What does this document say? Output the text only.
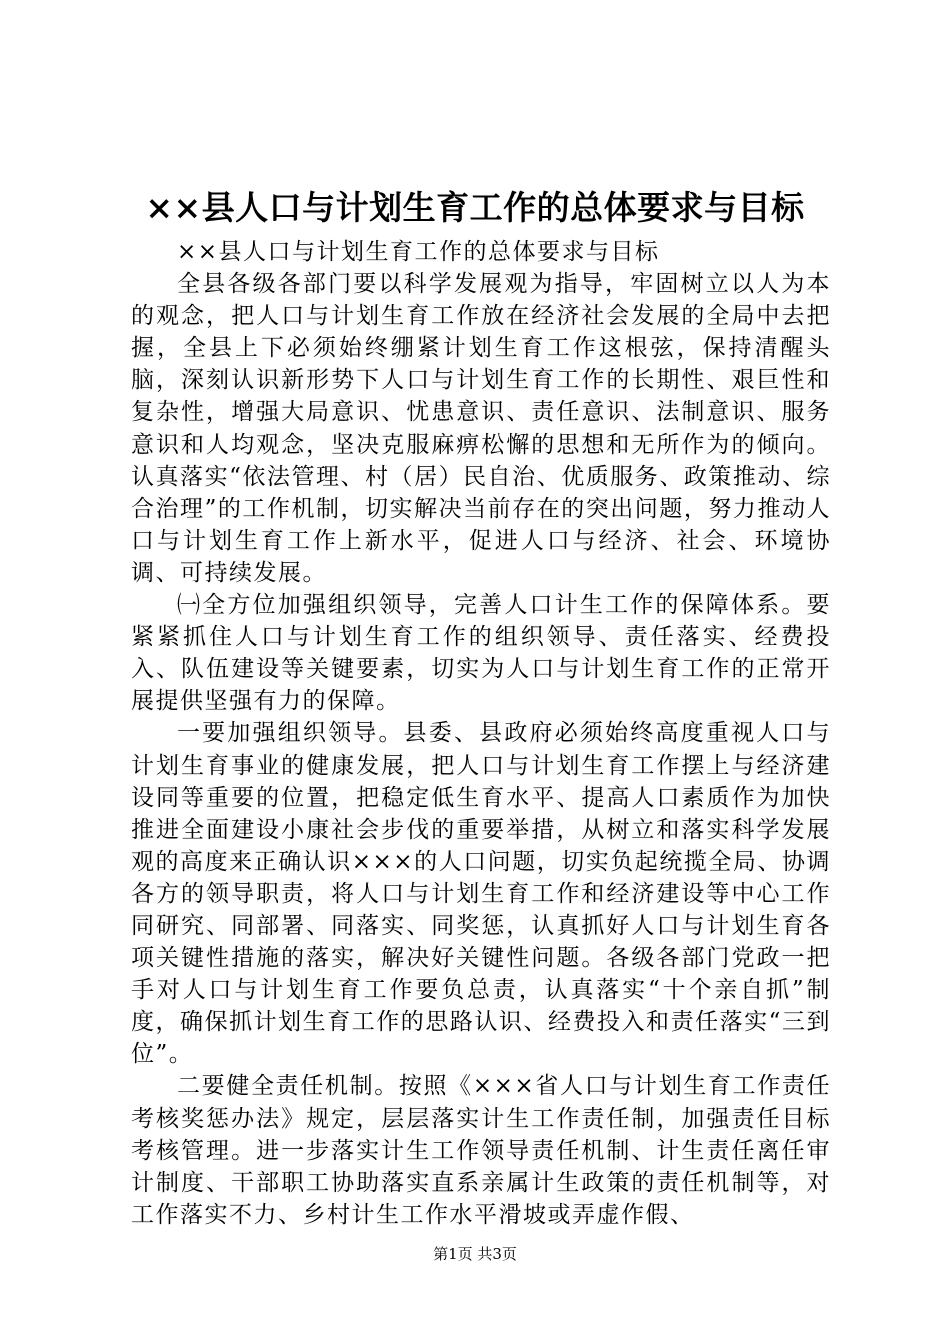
××县人口与计划生育工作的总体要求与目标

××县人口与计划生育工作的总体要求与目标

全县各级各部门要以科学发展观为指导，牢固树立以人为本的观念，把人口与计划生育工作放在经济社会发展的全局中去把握，全县上下必须始终绷紧计划生育工作这根弦，保持清醒头脑，深刻认识新形势下人口与计划生育工作的长期性、艰巨性和复杂性，增强大局意识、忧患意识、责任意识、法制意识、服务意识和人均观念，坚决克服麻痹松懈的思想和无所作为的倾向。认真落实“依法管理、村（居）民自治、优质服务、政策推动、综合治理”的工作机制，切实解决当前存在的突出问题，努力推动人口与计划生育工作上新水平，促进人口与经济、社会、环境协调、可持续发展。

㈠全方位加强组织领导，完善人口计生工作的保障体系。要紧紧抓住人口与计划生育工作的组织领导、责任落实、经费投入、队伍建设等关键要素，切实为人口与计划生育工作的正常开展提供坚强有力的保障。

一要加强组织领导。县委、县政府必须始终高度重视人口与计划生育事业的健康发展，把人口与计划生育工作摆上与经济建设同等重要的位置，把稳定低生育水平、提高人口素质作为加快推进全面建设小康社会步伐的重要举措，从树立和落实科学发展观的高度来正确认识×××的人口问题，切实负起统揽全局、协调各方的领导职责，将人口与计划生育工作和经济建设等中心工作同研究、同部署、同落实、同奖惩，认真抓好人口与计划生育各项关键性措施的落实，解决好关键性问题。各级各部门党政一把手对人口与计划生育工作要负总责，认真落实“十个亲自抓”制度，确保抓计划生育工作的思路认识、经费投入和责任落实“三到位”。

二要健全责任机制。按照《×××省人口与计划生育工作责任考核奖惩办法》规定，层层落实计生工作责任制，加强责任目标考核管理。进一步落实计生工作领导责任机制、计生责任离任审计制度、干部职工协助落实直系亲属计生政策的责任机制等，对工作落实不力、乡村计生工作水平滑坡或弄虚作假、

第1页 共3页
